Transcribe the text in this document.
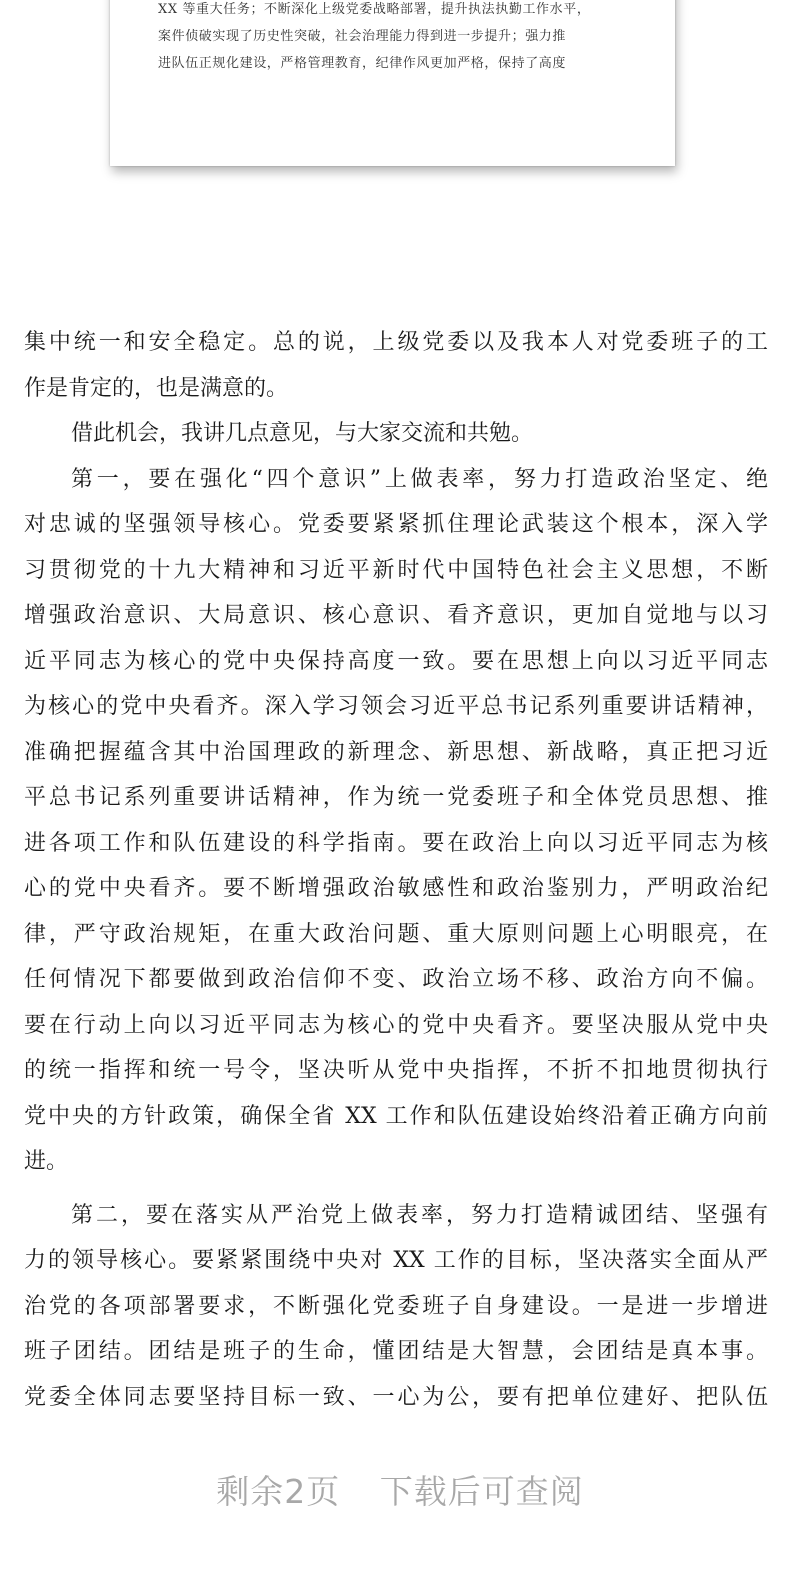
XX 等重大任务；不断深化上级党委战略部署，提升执法执勤工作水平，
案件侦破实现了历史性突破，社会治理能力得到进一步提升；强力推
进队伍正规化建设，严格管理教育，纪律作风更加严格，保持了高度
集中统一和安全稳定。总的说，上级党委以及我本人对党委班子的工
作是肯定的，也是满意的。
借此机会，我讲几点意见，与大家交流和共勉。
第一，要在强化“四个意识”上做表率，努力打造政治坚定、绝
对忠诚的坚强领导核心。党委要紧紧抓住理论武装这个根本，深入学
习贯彻党的十九大精神和习近平新时代中国特色社会主义思想，不断
增强政治意识、大局意识、核心意识、看齐意识，更加自觉地与以习
近平同志为核心的党中央保持高度一致。要在思想上向以习近平同志
为核心的党中央看齐。深入学习领会习近平总书记系列重要讲话精神，
准确把握蕴含其中治国理政的新理念、新思想、新战略，真正把习近
平总书记系列重要讲话精神，作为统一党委班子和全体党员思想、推
进各项工作和队伍建设的科学指南。要在政治上向以习近平同志为核
心的党中央看齐。要不断增强政治敏感性和政治鉴别力，严明政治纪
律，严守政治规矩，在重大政治问题、重大原则问题上心明眼亮，在
任何情况下都要做到政治信仰不变、政治立场不移、政治方向不偏。
要在行动上向以习近平同志为核心的党中央看齐。要坚决服从党中央
的统一指挥和统一号令，坚决听从党中央指挥，不折不扣地贯彻执行
党中央的方针政策，确保全省 XX 工作和队伍建设始终沿着正确方向前
进。
第二，要在落实从严治党上做表率，努力打造精诚团结、坚强有
力的领导核心。要紧紧围绕中央对 XX 工作的目标，坚决落实全面从严
治党的各项部署要求，不断强化党委班子自身建设。一是进一步增进
班子团结。团结是班子的生命，懂团结是大智慧，会团结是真本事。
党委全体同志要坚持目标一致、一心为公，要有把单位建好、把队伍
剩余2页 下载后可查阅
